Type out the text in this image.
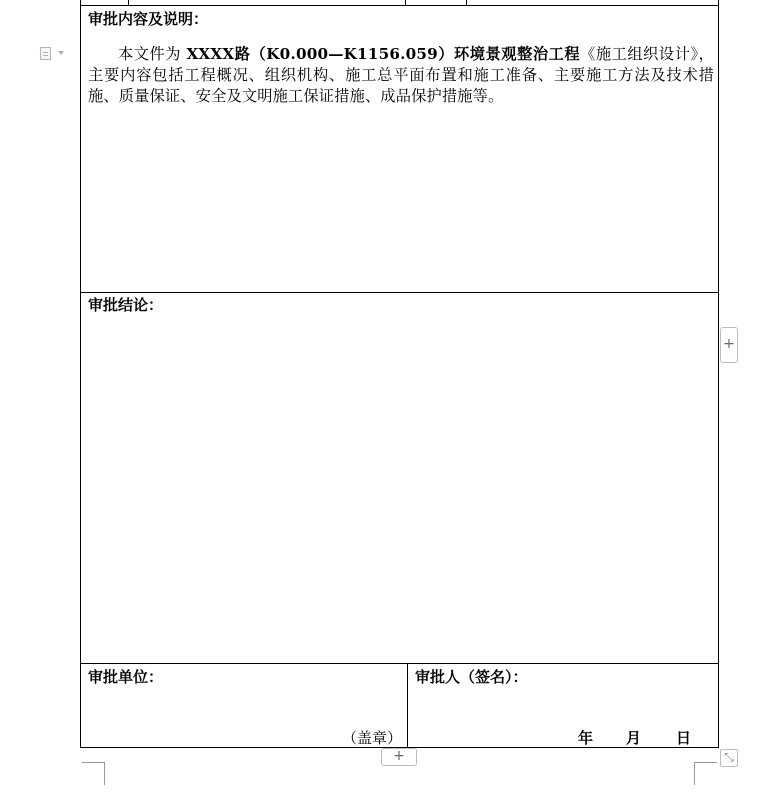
审批内容及说明：

本文件为 XXXX路（K0.000—K1156.059）环境景观整治工程《施工组织设计》，主要内容包括工程概况、组织机构、施工总平面布置和施工准备、主要施工方法及技术措施、质量保证、安全及文明施工保证措施、成品保护措施等。

审批结论：
审批单位：
（盖章）
审批人（签名）：
年 月 日
+
+	⤡
